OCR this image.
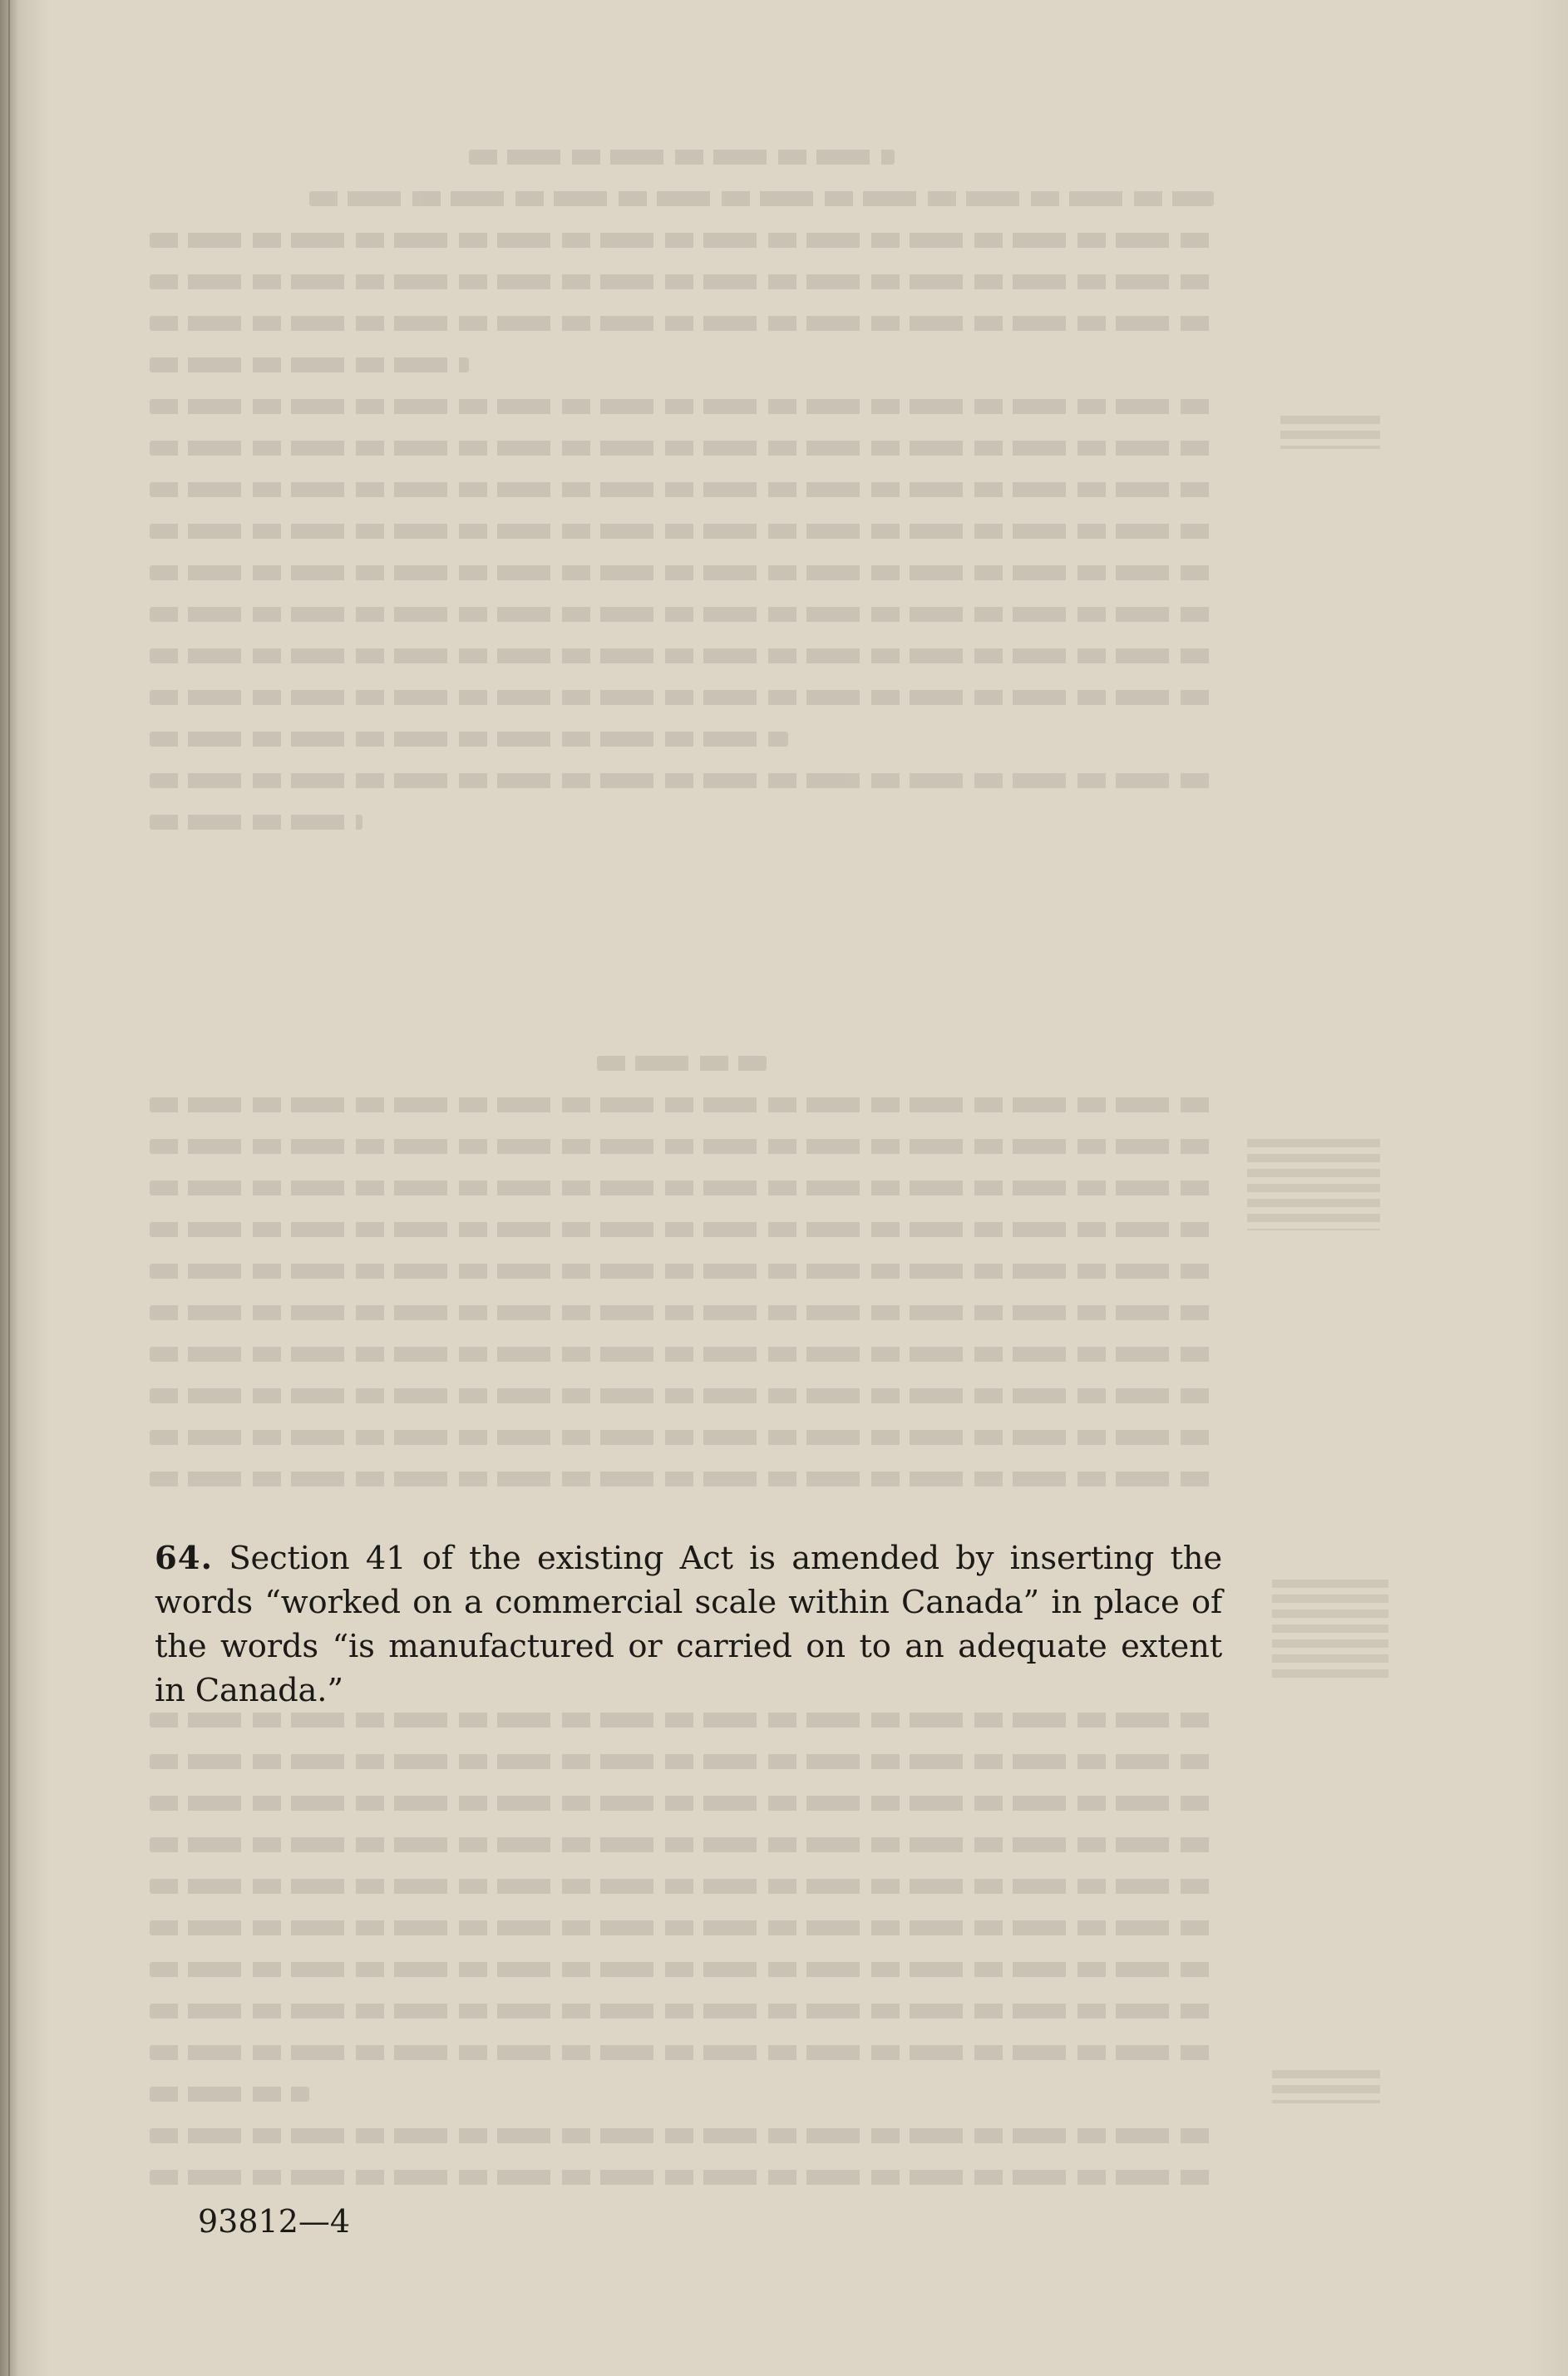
64. Section 41 of the existing Act is amended by inserting the words “worked on a commercial scale within Canada” in place of the words “is manufactured or carried on to an adequate extent in Canada.”
93812—4
